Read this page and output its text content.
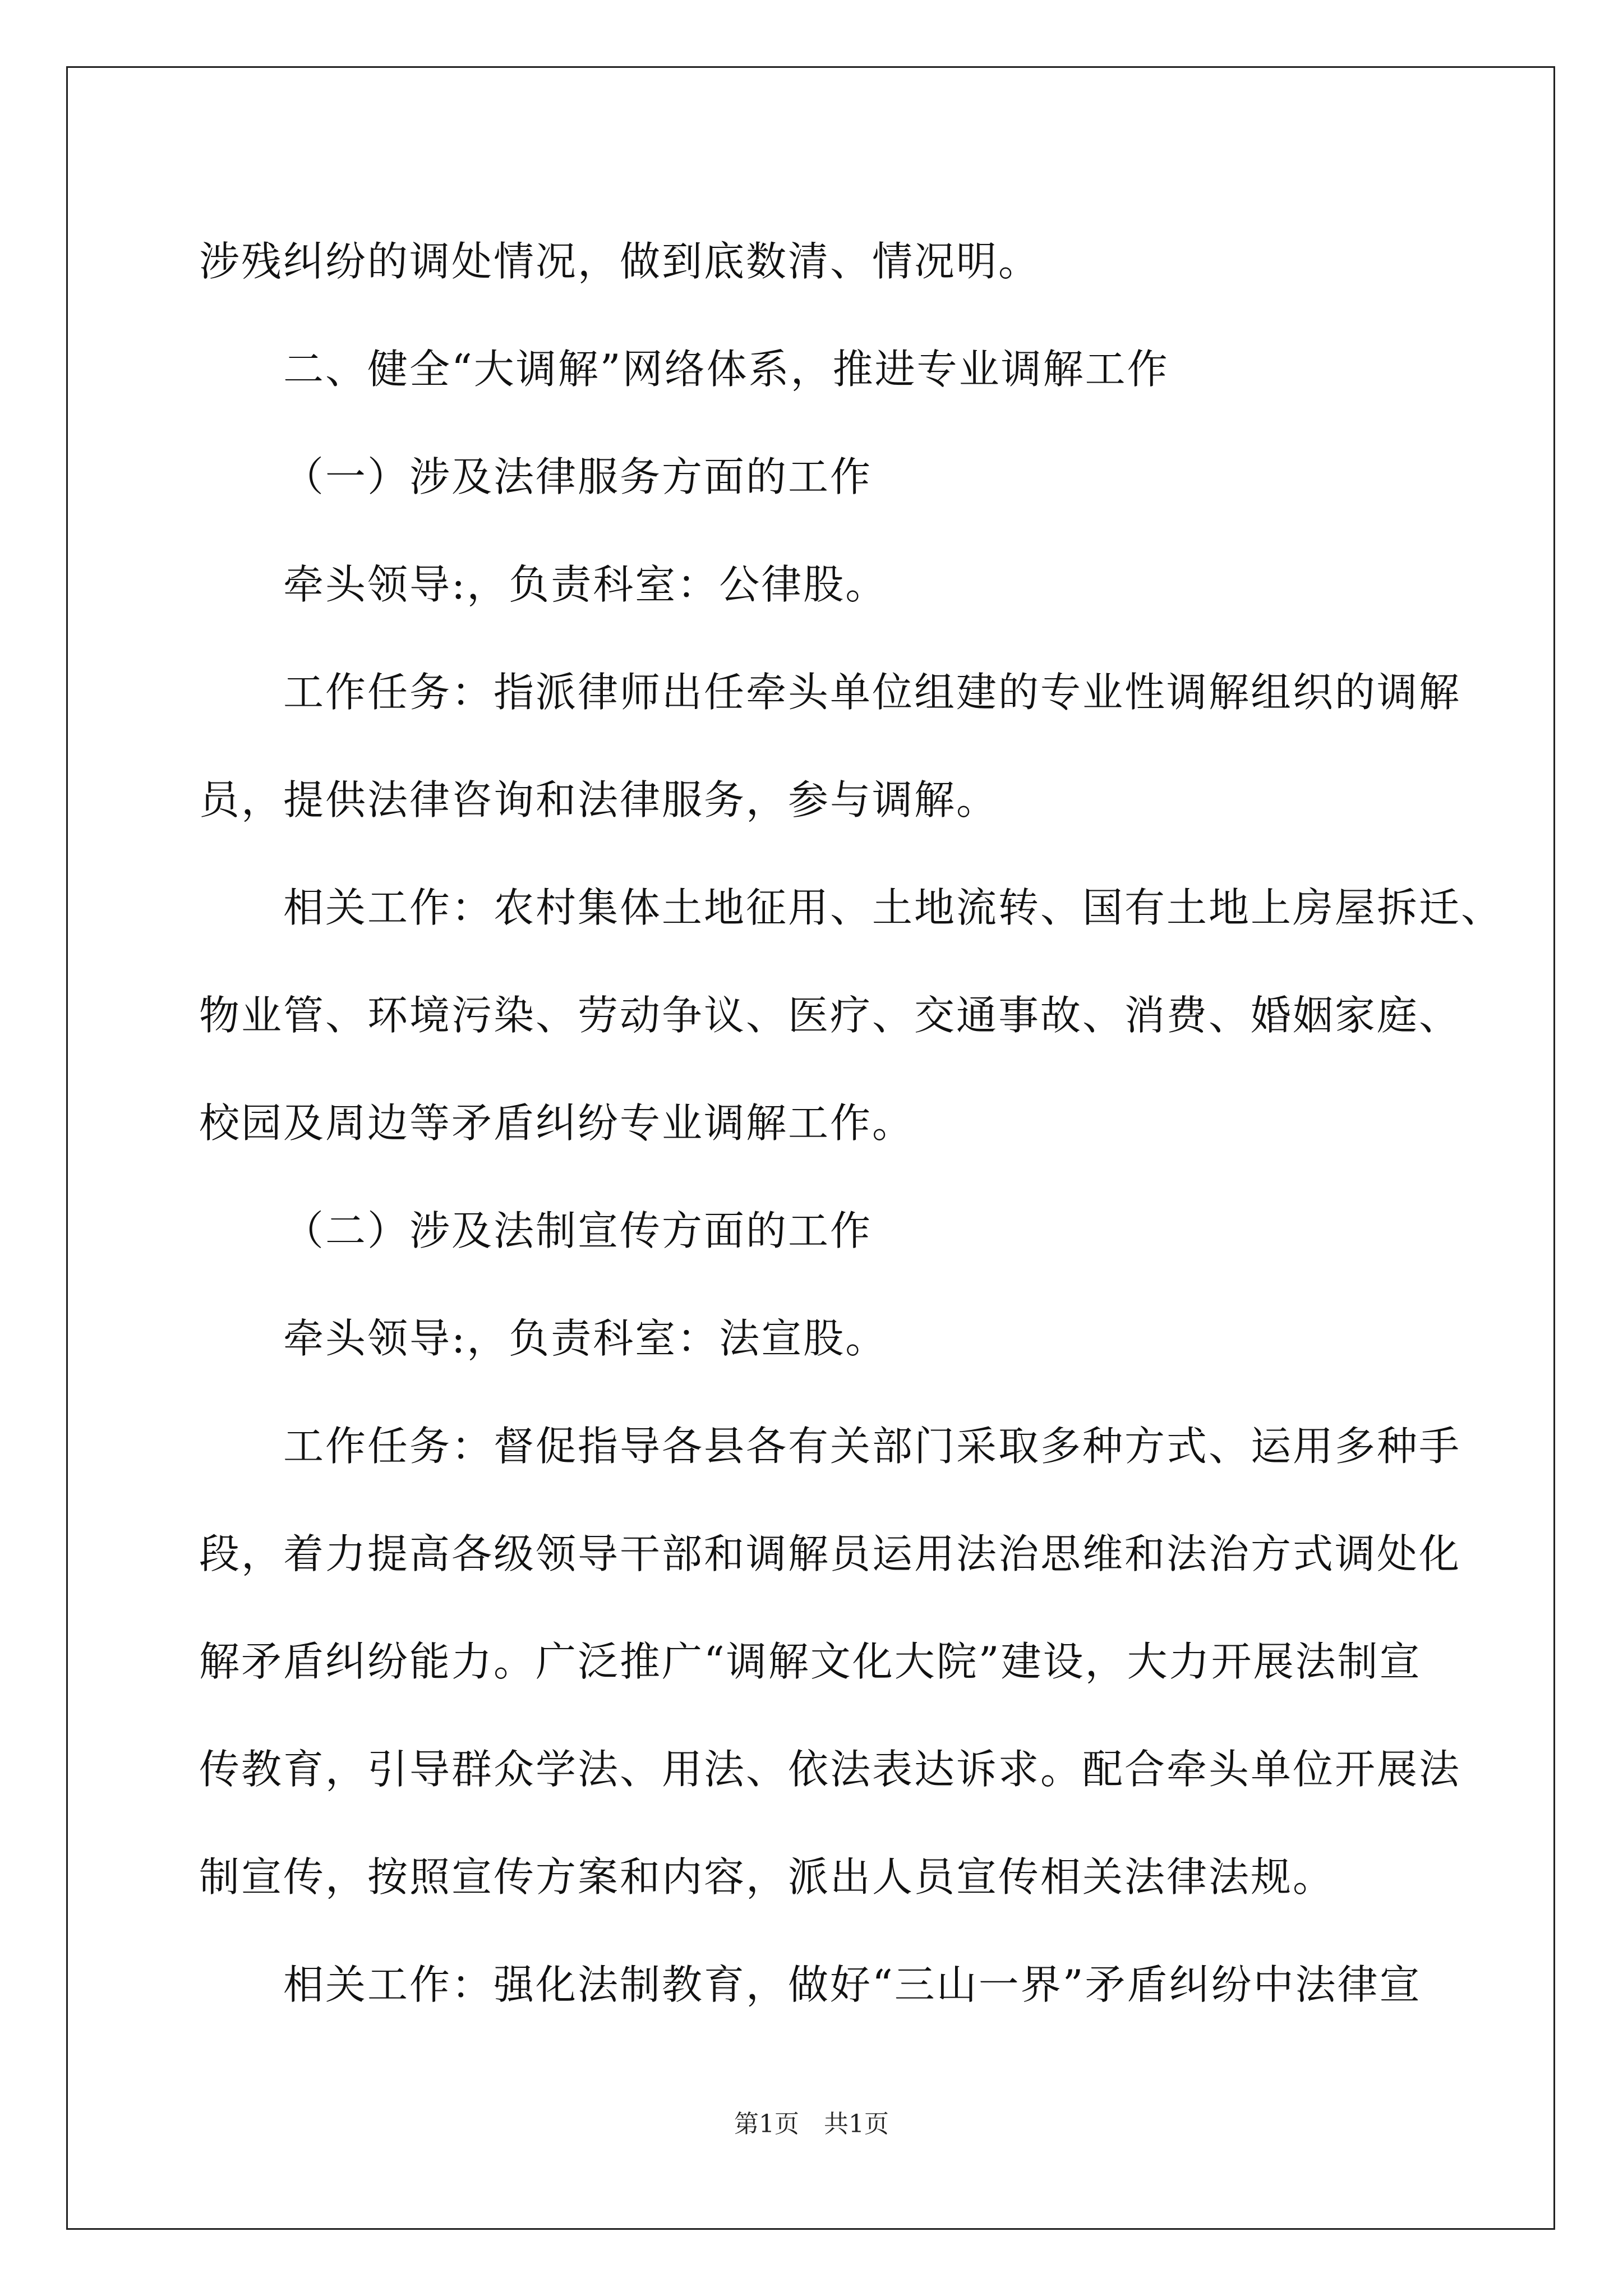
涉残纠纷的调处情况，做到底数清、情况明。
二、健全“大调解”网络体系，推进专业调解工作
（一）涉及法律服务方面的工作
牵头领导:，负责科室：公律股。
工作任务：指派律师出任牵头单位组建的专业性调解组织的调解
员，提供法律咨询和法律服务，参与调解。
相关工作：农村集体土地征用、土地流转、国有土地上房屋拆迁、
物业管、环境污染、劳动争议、医疗、交通事故、消费、婚姻家庭、
校园及周边等矛盾纠纷专业调解工作。
（二）涉及法制宣传方面的工作
牵头领导:，负责科室：法宣股。
工作任务：督促指导各县各有关部门采取多种方式、运用多种手
段，着力提高各级领导干部和调解员运用法治思维和法治方式调处化
解矛盾纠纷能力。广泛推广“调解文化大院”建设，大力开展法制宣
传教育，引导群众学法、用法、依法表达诉求。配合牵头单位开展法
制宣传，按照宣传方案和内容，派出人员宣传相关法律法规。
相关工作：强化法制教育，做好“三山一界”矛盾纠纷中法律宣
第1页　共1页
